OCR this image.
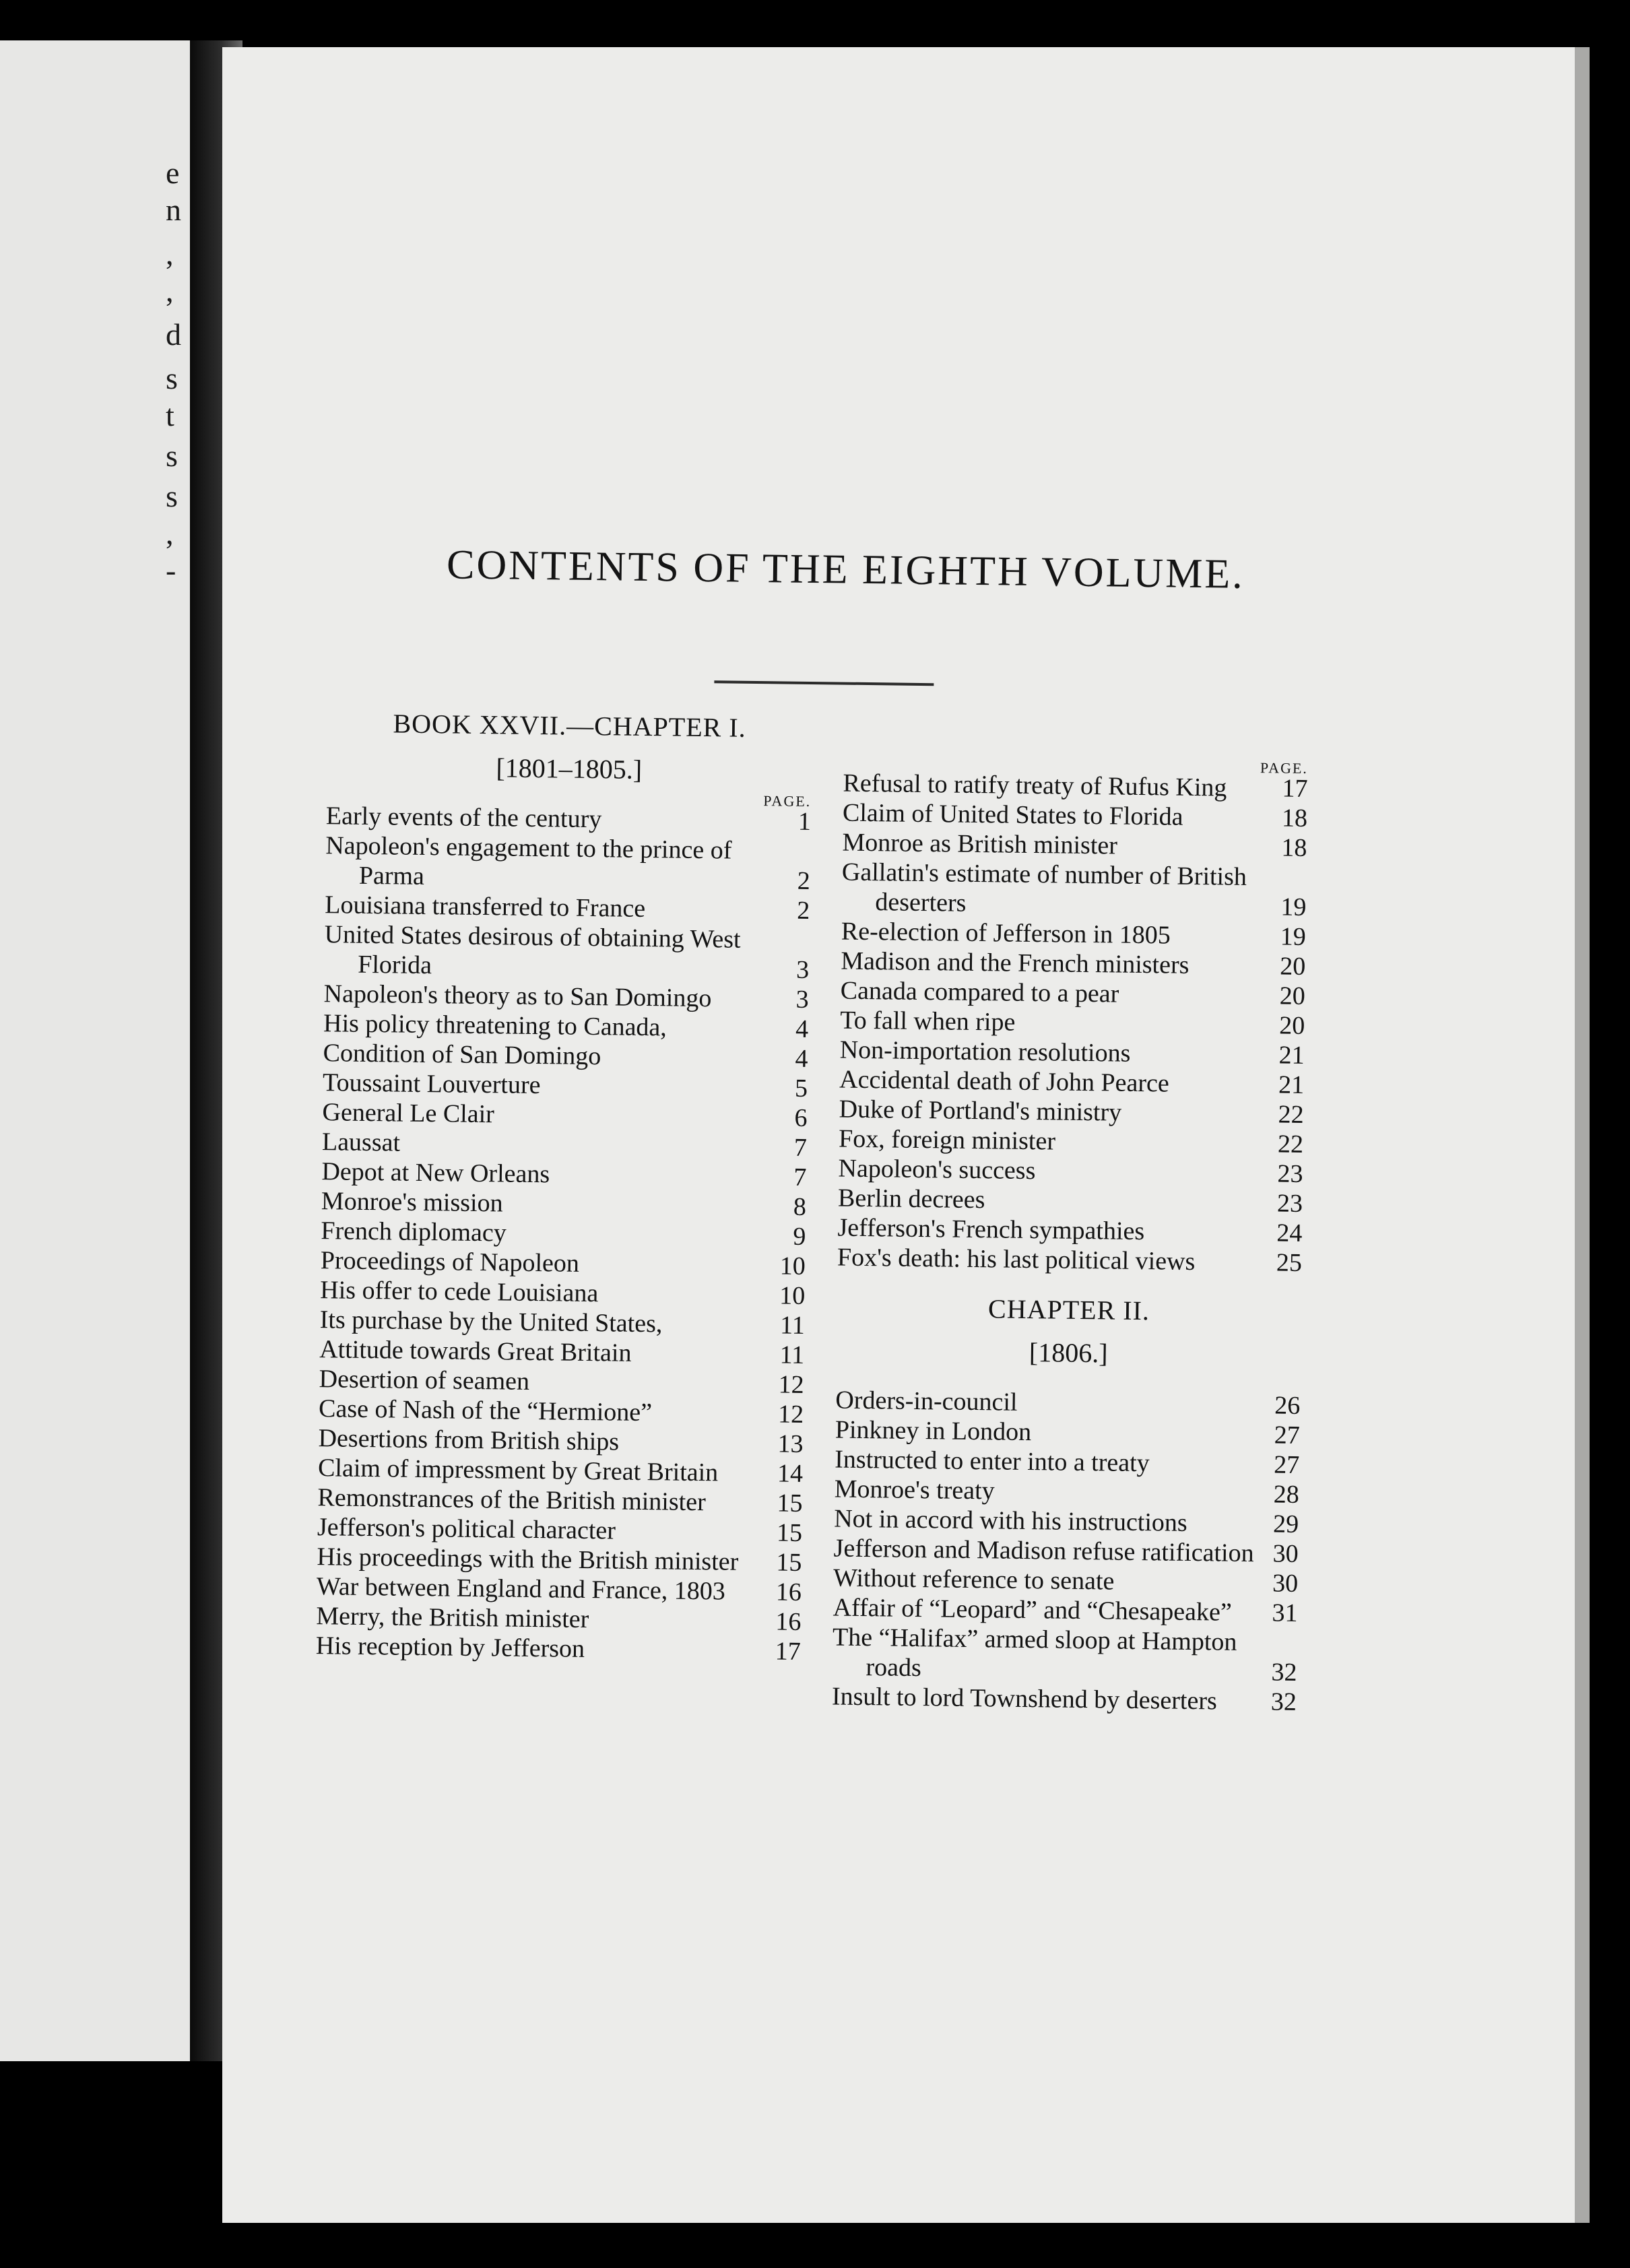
e
n
,
,
d
s
t
s
s
,
-	CONTENTS OF THE EIGHTH VOLUME.
BOOK XXVII.—CHAPTER I.
[1801–1805.]
PAGE.
Early events of the century	1
Napoleon's engagement to the prince of Parma	2
Louisiana transferred to France	2
United States desirous of obtaining West Florida	3
Napoleon's theory as to San Domingo	3
His policy threatening to Canada,	4
Condition of San Domingo	4
Toussaint Louverture	5
General Le Clair	6
Laussat	7
Depot at New Orleans	7
Monroe's mission	8
French diplomacy	9
Proceedings of Napoleon	10
His offer to cede Louisiana	10
Its purchase by the United States,	11
Attitude towards Great Britain	11
Desertion of seamen	12
Case of Nash of the “Hermione”	12
Desertions from British ships	13
Claim of impressment by Great Britain	14
Remonstrances of the British minister	15
Jefferson's political character	15
His proceedings with the British minister	15
War between England and France, 1803	16
Merry, the British minister	16
His reception by Jefferson	17
PAGE.
Refusal to ratify treaty of Rufus King	17
Claim of United States to Florida	18
Monroe as British minister	18
Gallatin's estimate of number of British deserters	19
Re-election of Jefferson in 1805	19
Madison and the French ministers	20
Canada compared to a pear	20
To fall when ripe	20
Non-importation resolutions	21
Accidental death of John Pearce	21
Duke of Portland's ministry	22
Fox, foreign minister	22
Napoleon's success	23
Berlin decrees	23
Jefferson's French sympathies	24
Fox's death: his last political views	25
CHAPTER II.
[1806.]
Orders-in-council	26
Pinkney in London	27
Instructed to enter into a treaty	27
Monroe's treaty	28
Not in accord with his instructions	29
Jefferson and Madison refuse ratification 30
Without reference to senate	30
Affair of “Leopard” and “Chesapeake”	31
The “Halifax” armed sloop at Hampton roads	32
Insult to lord Townshend by deserters	32
